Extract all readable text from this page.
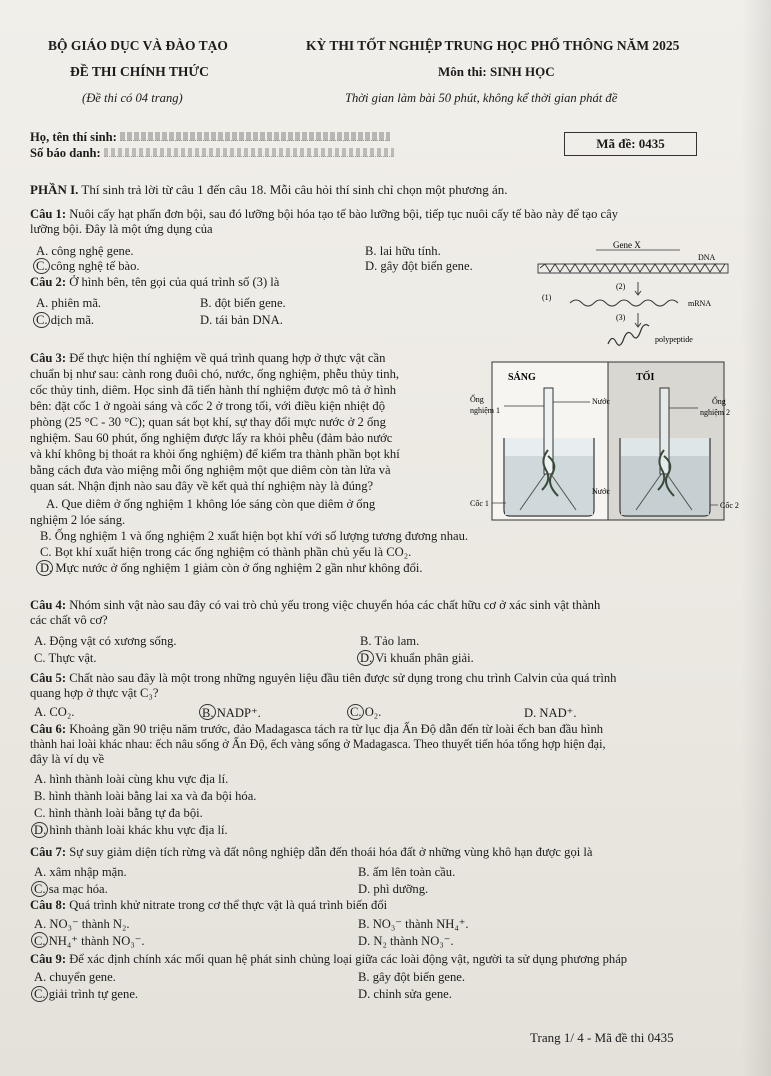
BỘ GIÁO DỤC VÀ ĐÀO TẠO
ĐỀ THI CHÍNH THỨC
(Đề thi có 04 trang)
KỲ THI TỐT NGHIỆP TRUNG HỌC PHỔ THÔNG NĂM 2025
Môn thi: SINH HỌC
Thời gian làm bài 50 phút, không kể thời gian phát đề
Họ, tên thí sinh:
Số báo danh:
Mã đề: 0435
PHẦN I. Thí sinh trả lời từ câu 1 đến câu 18. Mỗi câu hỏi thí sinh chỉ chọn một phương án.
Câu 1: Nuôi cấy hạt phấn đơn bội, sau đó lưỡng bội hóa tạo tế bào lưỡng bội, tiếp tục nuôi cấy tế bào này để tạo cây
lưỡng bội. Đây là một ứng dụng của
A. công nghệ gene.	B. lai hữu tính.
C. công nghệ tế bào.	D. gây đột biến gene.
Câu 2: Ở hình bên, tên gọi của quá trình số (3) là
A. phiên mã.	B. đột biến gene.
C. dịch mã.	D. tái bản DNA.
Gene X
DNA
(1)
(2)
mRNA
(3)
polypeptide
Câu 3: Để thực hiện thí nghiệm về quá trình quang hợp ở thực vật cần
chuẩn bị như sau: cành rong đuôi chó, nước, ống nghiệm, phễu thủy tinh,
cốc thủy tinh, diêm. Học sinh đã tiến hành thí nghiệm được mô tả ở hình
bên: đặt cốc 1 ở ngoài sáng và cốc 2 ở trong tối, với điều kiện nhiệt độ
phòng (25 °C - 30 °C); quan sát bọt khí, sự thay đổi mực nước ở 2 ống
nghiệm. Sau 60 phút, ống nghiệm được lấy ra khỏi phễu (đảm bảo nước
và khí không bị thoát ra khỏi ống nghiệm) để kiểm tra thành phần bọt khí
bằng cách đưa vào miệng mỗi ống nghiệm một que diêm còn tàn lửa và
quan sát. Nhận định nào sau đây về kết quả thí nghiệm này là đúng?
A. Que diêm ở ống nghiệm 1 không lóe sáng còn que diêm ở ống
nghiệm 2 lóe sáng.
B. Ống nghiệm 1 và ống nghiệm 2 xuất hiện bọt khí với số lượng tương đương nhau.
C. Bọt khí xuất hiện trong các ống nghiệm có thành phần chủ yếu là CO₂.
D. Mực nước ở ống nghiệm 1 giảm còn ở ống nghiệm 2 gần như không đổi.
SÁNG	TỐI
Ống
nghiệm 1
Nước	Ống
nghiệm 2
Nước
Cốc 1	Cốc 2
Câu 4: Nhóm sinh vật nào sau đây có vai trò chủ yếu trong việc chuyển hóa các chất hữu cơ ở xác sinh vật thành
các chất vô cơ?
A. Động vật có xương sống.	B. Tảo lam.
C. Thực vật.	D. Vi khuẩn phân giải.
Câu 5: Chất nào sau đây là một trong những nguyên liệu đầu tiên được sử dụng trong chu trình Calvin của quá trình
quang hợp ở thực vật C₃?
A. CO₂.	B. NADP⁺.	C. O₂.	D. NAD⁺.
Câu 6: Khoảng gần 90 triệu năm trước, đảo Madagasca tách ra từ lục địa Ấn Độ dẫn đến từ loài ếch ban đầu hình
thành hai loài khác nhau: ếch nâu sống ở Ấn Độ, ếch vàng sống ở Madagasca. Theo thuyết tiến hóa tổng hợp hiện đại,
đây là ví dụ về
A. hình thành loài cùng khu vực địa lí.
B. hình thành loài bằng lai xa và đa bội hóa.
C. hình thành loài bằng tự đa bội.
D. hình thành loài khác khu vực địa lí.
Câu 7: Sự suy giảm diện tích rừng và đất nông nghiệp dẫn đến thoái hóa đất ở những vùng khô hạn được gọi là
A. xâm nhập mặn.	B. ấm lên toàn cầu.
C. sa mạc hóa.	D. phì dưỡng.
Câu 8: Quá trình khử nitrate trong cơ thể thực vật là quá trình biến đổi
A. NO₃⁻ thành N₂.	B. NO₃⁻ thành NH₄⁺.
C. NH₄⁺ thành NO₃⁻.	D. N₂ thành NO₃⁻.
Câu 9: Để xác định chính xác mối quan hệ phát sinh chủng loại giữa các loài động vật, người ta sử dụng phương pháp
A. chuyển gene.	B. gây đột biến gene.
C. giải trình tự gene.	D. chỉnh sửa gene.
Trang 1/ 4 - Mã đề thi 0435
